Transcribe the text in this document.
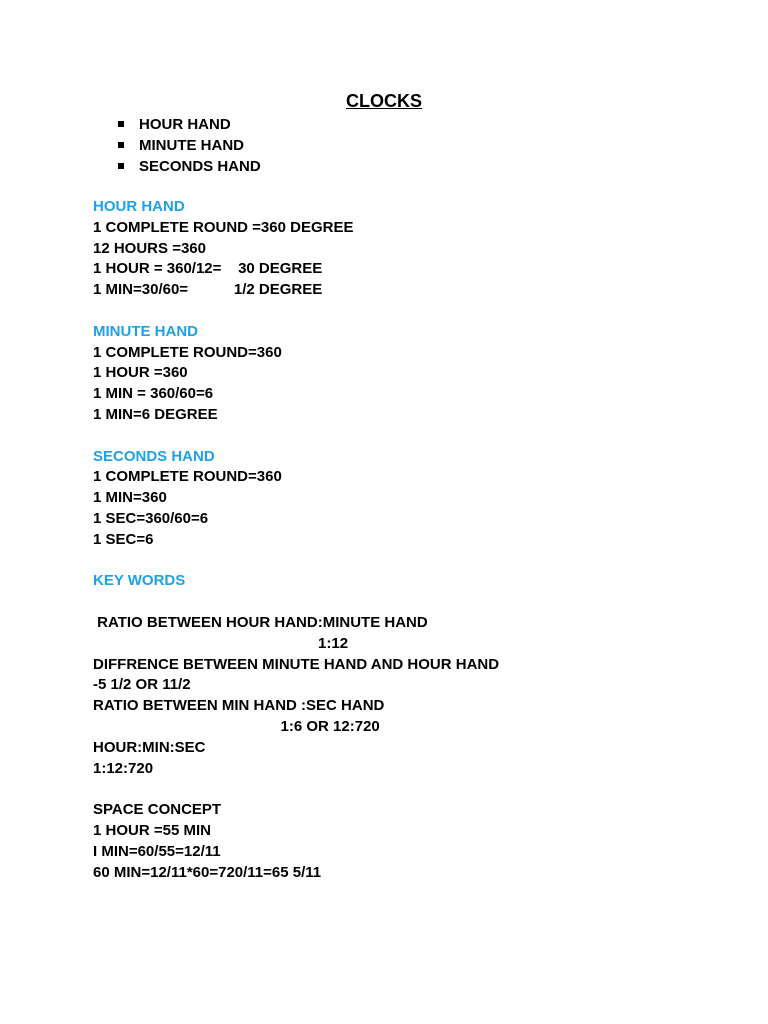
CLOCKS
HOUR HAND
MINUTE HAND
SECONDS HAND
HOUR HAND
1 COMPLETE ROUND =360 DEGREE
12 HOURS =360
1 HOUR = 360/12=    30 DEGREE
1 MIN=30/60=           1/2 DEGREE
MINUTE HAND
1 COMPLETE ROUND=360
1 HOUR =360
1 MIN = 360/60=6
1 MIN=6 DEGREE
SECONDS HAND
1 COMPLETE ROUND=360
1 MIN=360
1 SEC=360/60=6
1 SEC=6
KEY WORDS
RATIO BETWEEN HOUR HAND:MINUTE HAND
1:12
DIFFRENCE BETWEEN MINUTE HAND AND HOUR HAND
-5 1/2 OR 11/2
RATIO BETWEEN MIN HAND :SEC HAND
1:6 OR 12:720
HOUR:MIN:SEC
1:12:720
SPACE CONCEPT
1 HOUR =55 MIN
I MIN=60/55=12/11
60 MIN=12/11*60=720/11=65 5/11
